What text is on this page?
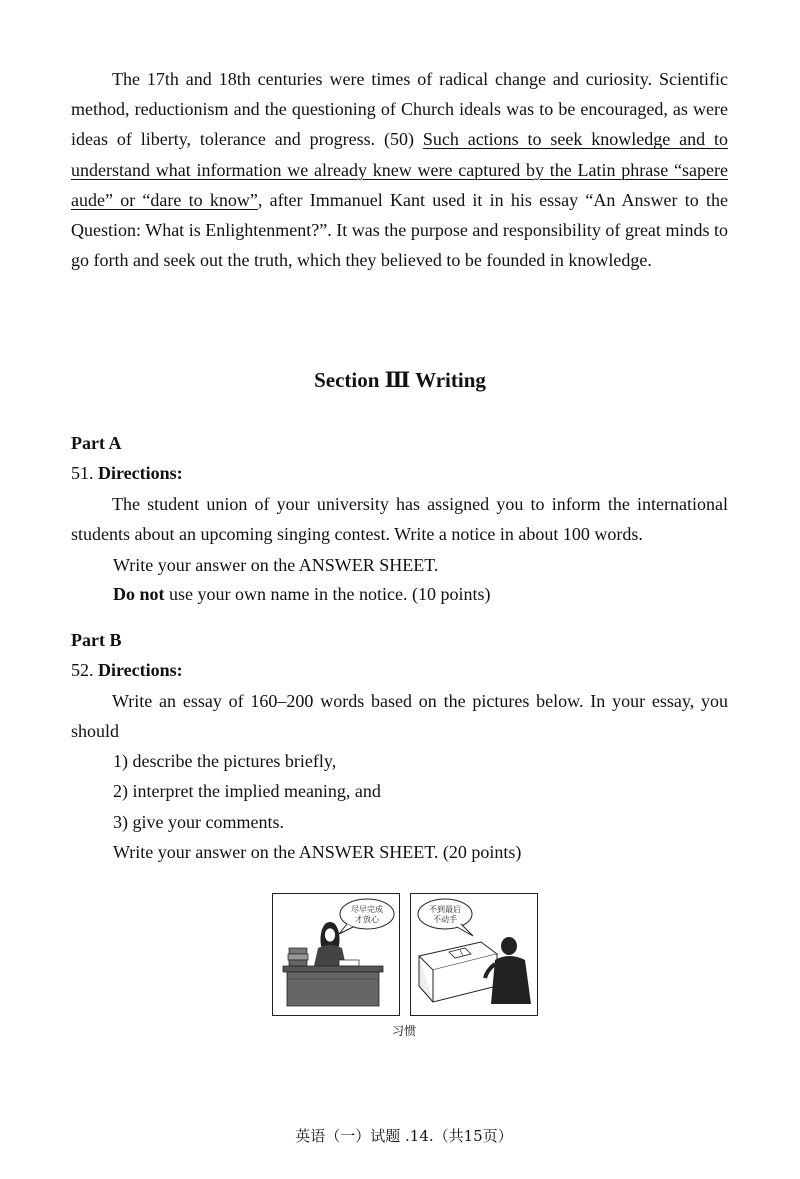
The 17th and 18th centuries were times of radical change and curiosity. Scientific method, reductionism and the questioning of Church ideals was to be encouraged, as were ideas of liberty, tolerance and progress. (50) Such actions to seek knowledge and to understand what information we already knew were captured by the Latin phrase “sapere aude” or “dare to know”, after Immanuel Kant used it in his essay “An Answer to the Question: What is Enlightenment?”. It was the purpose and responsibility of great minds to go forth and seek out the truth, which they believed to be founded in knowledge.

Section Ⅲ Writing

Part A

51. Directions:

The student union of your university has assigned you to inform the international students about an upcoming singing contest. Write a notice in about 100 words.

Write your answer on the ANSWER SHEET.

Do not use your own name in the notice. (10 points)

Part B

52. Directions:

Write an essay of 160–200 words based on the pictures below. In your essay, you should

1) describe the pictures briefly,

2) interpret the implied meaning, and

3) give your comments.

Write your answer on the ANSWER SHEET. (20 points)

尽早完成
才放心
不到最后
不动手

习惯

英语（一）试题 .14.（共15页）
